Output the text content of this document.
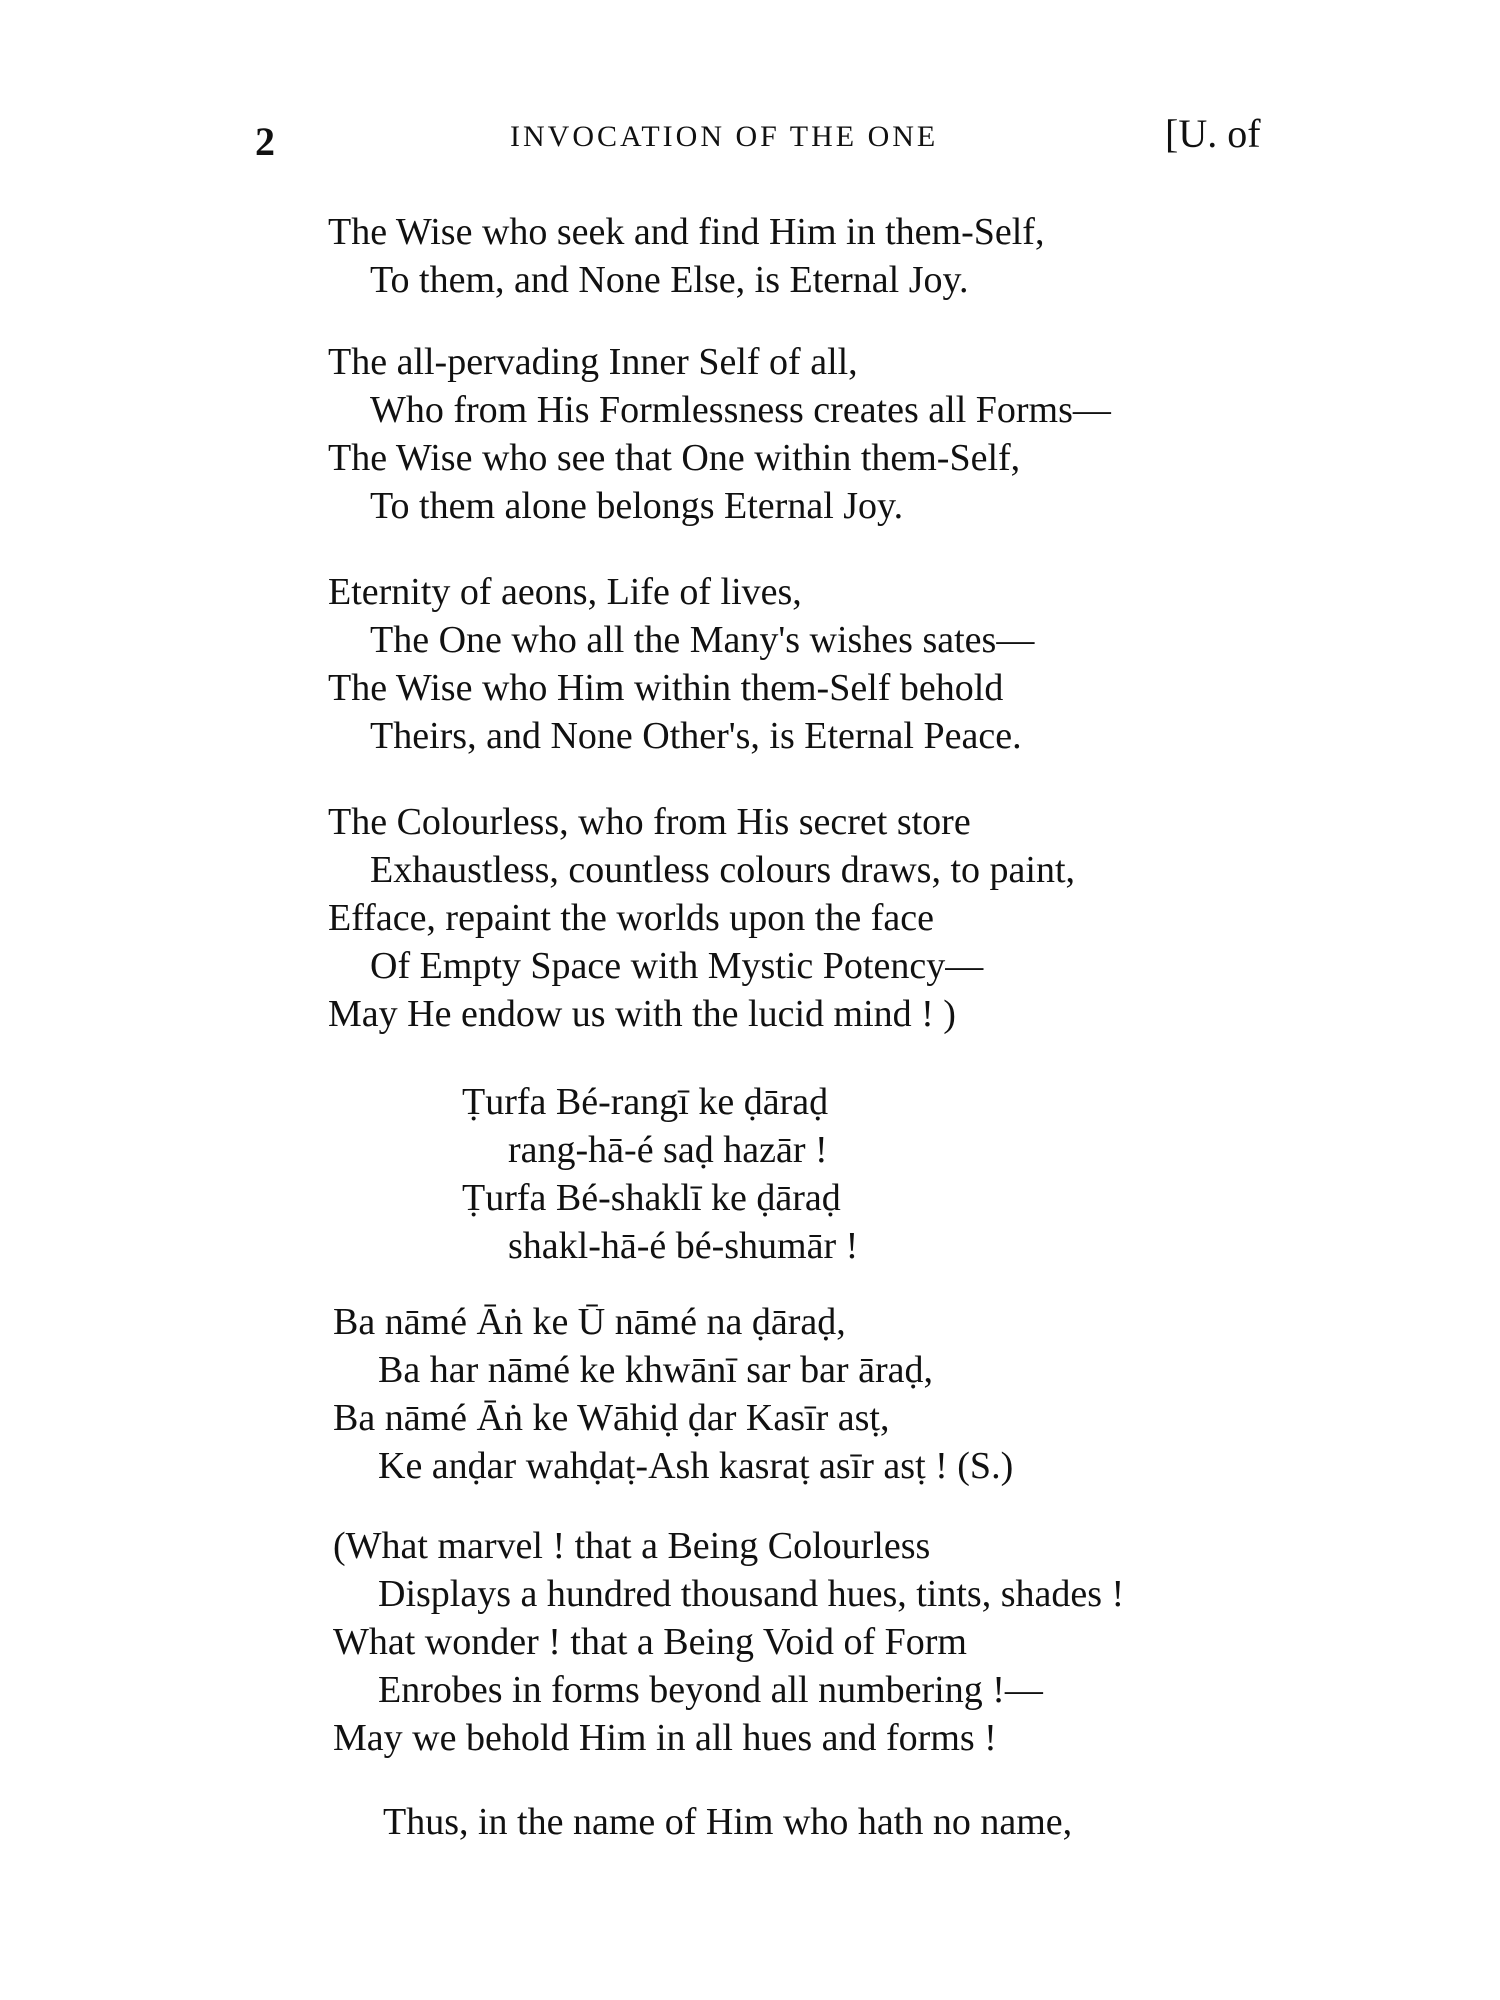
2	INVOCATION OF THE ONE	[U. of
The Wise who seek and find Him in them-Self,
To them, and None Else, is Eternal Joy.
The all-pervading Inner Self of all,
Who from His Formlessness creates all Forms—
The Wise who see that One within them-Self,
To them alone belongs Eternal Joy.
Eternity of aeons, Life of lives,
The One who all the Many's wishes sates—
The Wise who Him within them-Self behold
Theirs, and None Other's, is Eternal Peace.
The Colourless, who from His secret store
Exhaustless, countless colours draws, to paint,
Efface, repaint the worlds upon the face
Of Empty Space with Mystic Potency—
May He endow us with the lucid mind ! )
Ṭurfa Bé-rangī ke ḍāraḍ
rang-hā-é saḍ hazār !
Ṭurfa Bé-shaklī ke ḍāraḍ
shakl-hā-é bé-shumār !
Ba nāmé Āṅ ke Ū nāmé na ḍāraḍ,
Ba har nāmé ke khwānī sar bar āraḍ,
Ba nāmé Āṅ ke Wāhiḍ ḍar Kasīr asṭ,
Ke anḍar wahḍaṭ-Ash kasraṭ asīr asṭ ! (S.)
(What marvel ! that a Being Colourless
Displays a hundred thousand hues, tints, shades !
What wonder ! that a Being Void of Form
Enrobes in forms beyond all numbering !—
May we behold Him in all hues and forms !
Thus, in the name of Him who hath no name,
